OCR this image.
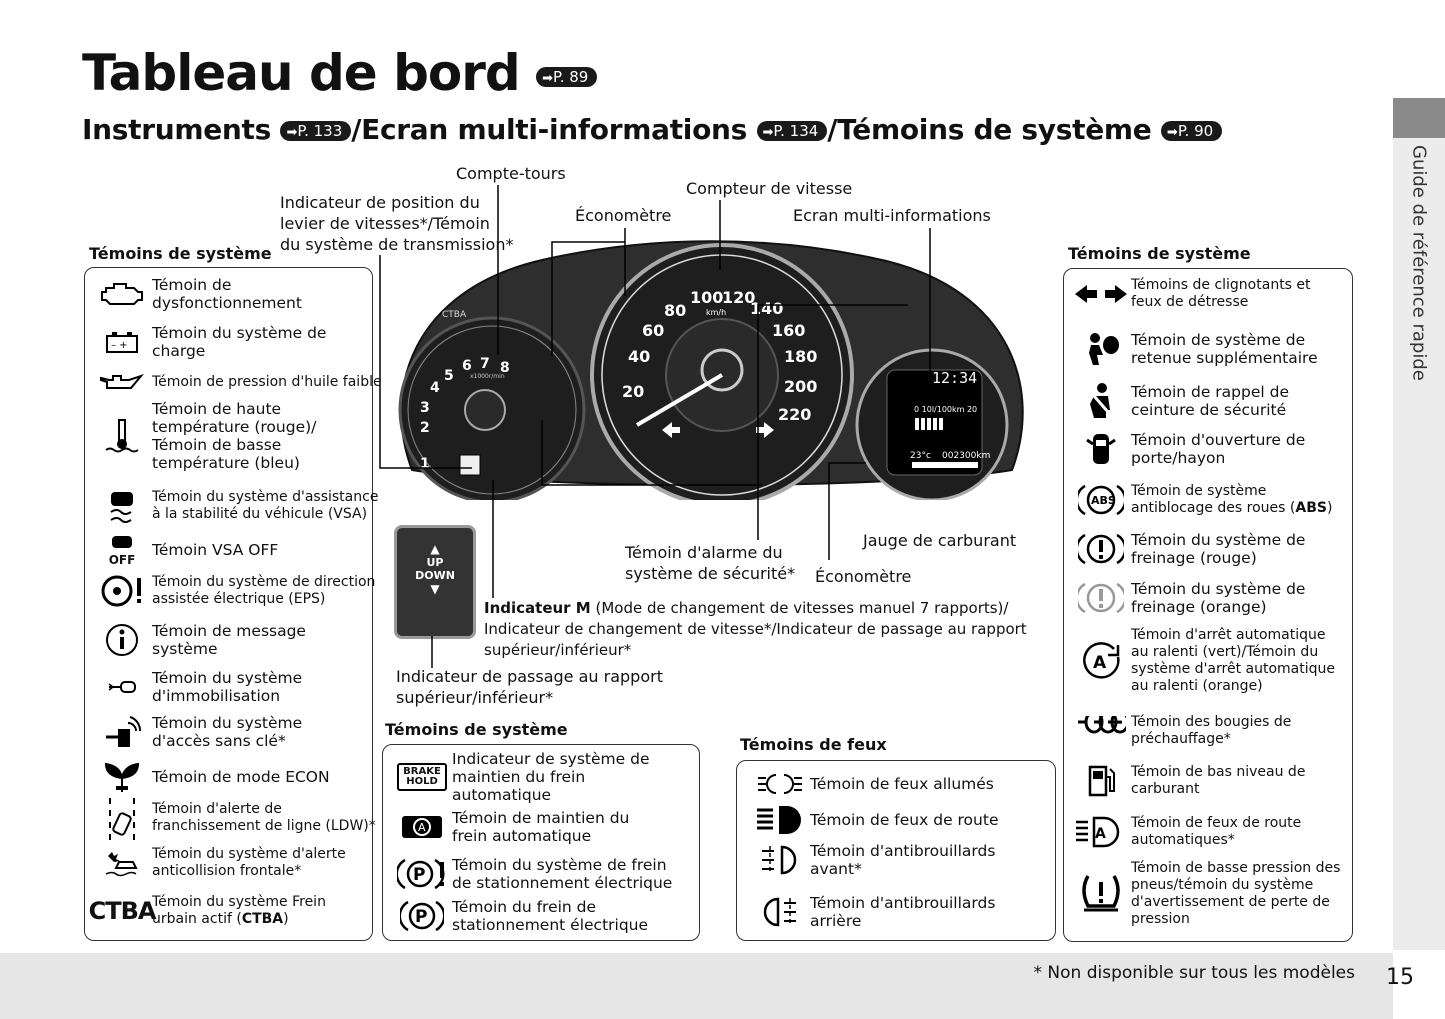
Tableau de bord ➡P. 89
Instruments ➡P. 133 /Ecran multi-informations ➡P. 134 /Témoins de système ➡P. 90
Guide de référence rapide
* Non disponible sur tous les modèles 15
1
2
3
4
5
6 7 8
x1000r/min
CTBA
20
40
60
80
100
120
140
160
180
200
220
km/h
12:34
0 10l/100km 20
23°c 002300km
▲
UP
DOWN
▼
Compte-tours
Indicateur de position du
levier de vitesses*/Témoin
du système de transmission*
Économètre
Compteur de vitesse
Ecran multi-informations
Témoin d'alarme du
système de sécurité*
Jauge de carburant
Économètre
Indicateur M (Mode de changement de vitesses manuel 7 rapports)/
Indicateur de changement de vitesse*/Indicateur de passage au rapport
supérieur/inférieur*
Indicateur de passage au rapport
supérieur/inférieur*
Témoins de système
Témoin de
dysfonctionnement
– +
Témoin du système de
charge
Témoin de pression d'huile faible
Témoin de haute
température (rouge)/
Témoin de basse
température (bleu)
Témoin du système d'assistance
à la stabilité du véhicule (VSA)
OFF
Témoin VSA OFF
Témoin du système de direction
assistée électrique (EPS)
Témoin de message
système
Témoin du système
d'immobilisation
Témoin du système
d'accès sans clé*
Témoin de mode ECON
Témoin d'alerte de
franchissement de ligne (LDW)*
Témoin du système d'alerte
anticollision frontale*
CTBA
Témoin du système Frein
urbain actif (CTBA)
Témoins de système
BRAKE
HOLD
Indicateur de système de
maintien du frein
automatique
A
Témoin de maintien du
frein automatique
P Témoin du système de frein
de stationnement électrique
P Témoin du frein de
stationnement électrique
Témoins de feux
Témoin de feux allumés
Témoin de feux de route
Témoin d'antibrouillards
avant*
Témoin d'antibrouillards
arrière
Témoins de système
Témoins de clignotants et
feux de détresse
Témoin de système de
retenue supplémentaire
Témoin de rappel de
ceinture de sécurité
Témoin d'ouverture de
porte/hayon
ABS
Témoin de système
antiblocage des roues (ABS)
Témoin du système de
freinage (rouge)
Témoin du système de
freinage (orange)
A
Témoin d'arrêt automatique
au ralenti (vert)/Témoin du
système d'arrêt automatique
au ralenti (orange)
Témoin des bougies de
préchauffage*
Témoin de bas niveau de
carburant
A
Témoin de feux de route
automatiques*
Témoin de basse pression des
pneus/témoin du système
d'avertissement de perte de
pression
